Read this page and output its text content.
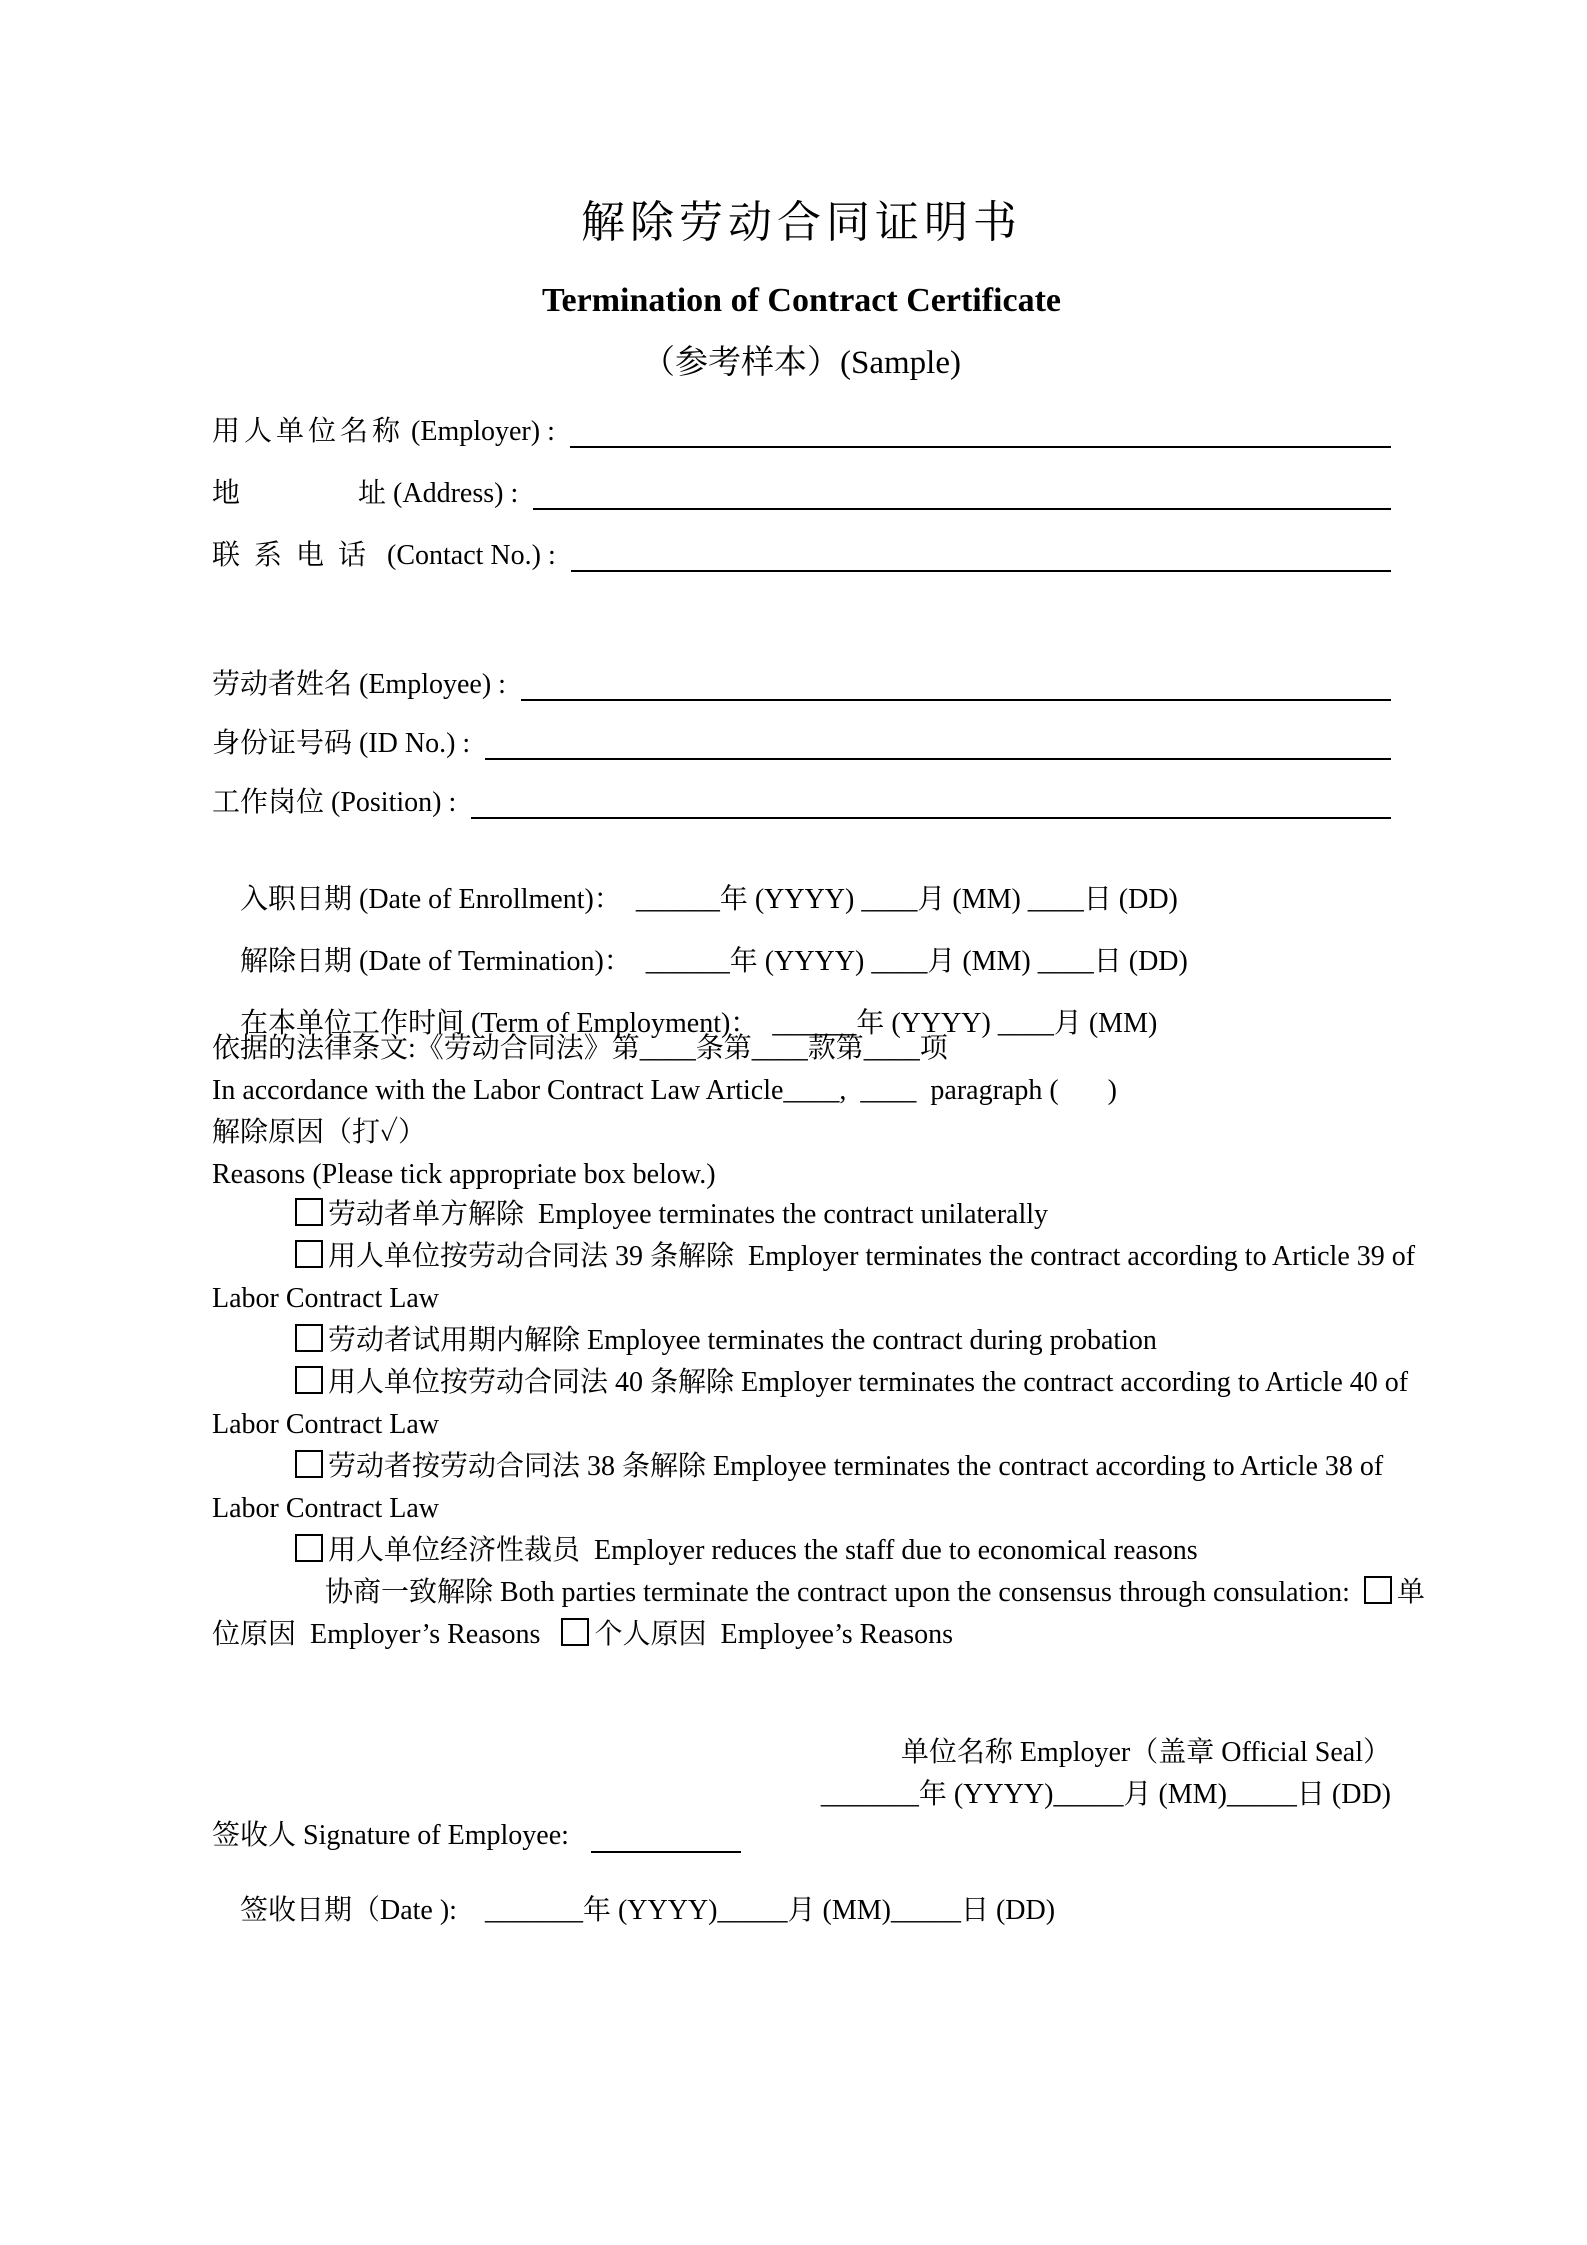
解除劳动合同证明书
Termination of Contract Certificate
（参考样本）(Sample)
用人单位名称 (Employer) :
地	址 (Address) :
联系电话 (Contact No.) :
劳动者姓名 (Employee) :
身份证号码 (ID No.) :
工作岗位 (Position) :

入职日期 (Date of Enrollment)：  ______年 (YYYY) ____月 (MM) ____日 (DD)

解除日期 (Date of Termination)：  ______年 (YYYY) ____月 (MM) ____日 (DD)

在本单位工作时间 (Term of Employment)：  ______年 (YYYY) ____月 (MM)

依据的法律条文:《劳动合同法》第____条第____款第____项

In accordance with the Labor Contract Law Article____,  ____  paragraph (       )

解除原因（打✓）

Reasons (Please tick appropriate box below.)

劳动者单方解除  Employee terminates the contract unilaterally

用人单位按劳动合同法 39 条解除  Employer terminates the contract according to Article 39 of Labor Contract Law

劳动者试用期内解除 Employee terminates the contract during probation

用人单位按劳动合同法 40 条解除 Employer terminates the contract according to Article 40 of Labor Contract Law

劳动者按劳动合同法 38 条解除 Employee terminates the contract according to Article 38 of Labor Contract Law

用人单位经济性裁员  Employer reduces the staff due to economical reasons

协商一致解除 Both parties terminate the contract upon the consensus through consulation:  单位原因  Employer’s Reasons   个人原因  Employee’s Reasons

单位名称 Employer（盖章 Official Seal）
_______年 (YYYY)_____月 (MM)_____日 (DD)
签收人 Signature of Employee:

签收日期（Date ):    _______年 (YYYY)_____月 (MM)_____日 (DD)
